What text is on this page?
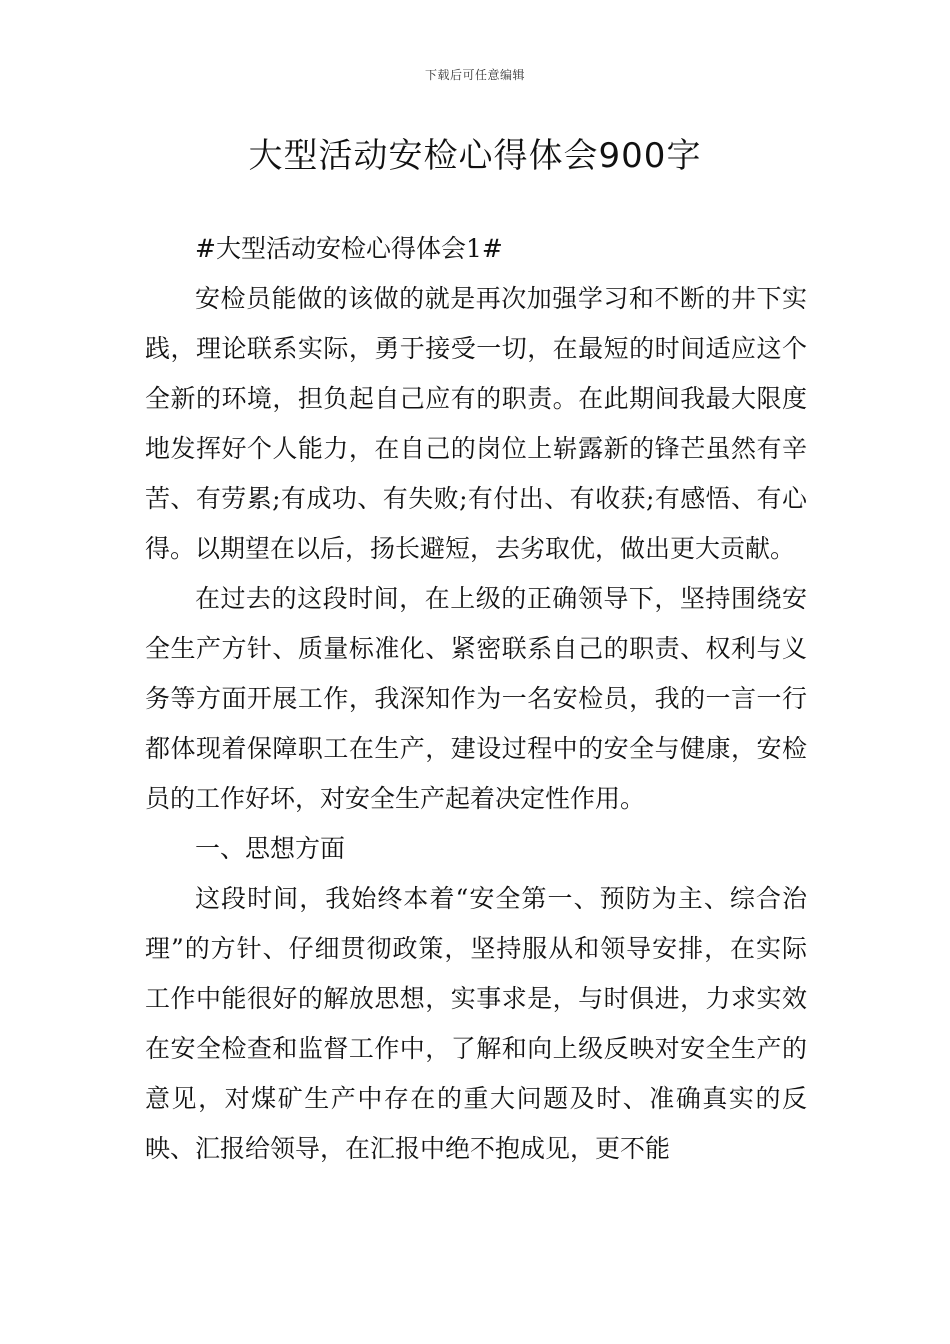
下载后可任意编辑
大型活动安检心得体会900字

#大型活动安检心得体会1#

安检员能做的该做的就是再次加强学习和不断的井下实践，理论联系实际，勇于接受一切，在最短的时间适应这个全新的环境，担负起自己应有的职责。在此期间我最大限度地发挥好个人能力，在自己的岗位上崭露新的锋芒虽然有辛苦、有劳累;有成功、有失败;有付出、有收获;有感悟、有心得。以期望在以后，扬长避短，去劣取优，做出更大贡献。

在过去的这段时间，在上级的正确领导下，坚持围绕安全生产方针、质量标准化、紧密联系自己的职责、权利与义务等方面开展工作，我深知作为一名安检员，我的一言一行都体现着保障职工在生产，建设过程中的安全与健康，安检员的工作好坏，对安全生产起着决定性作用。

一、思想方面

这段时间，我始终本着“安全第一、预防为主、综合治理”的方针、仔细贯彻政策，坚持服从和领导安排，在实际工作中能很好的解放思想，实事求是，与时俱进，力求实效在安全检查和监督工作中，了解和向上级反映对安全生产的意见，对煤矿生产中存在的重大问题及时、准确真实的反映、汇报给领导，在汇报中绝不抱成见，更不能
